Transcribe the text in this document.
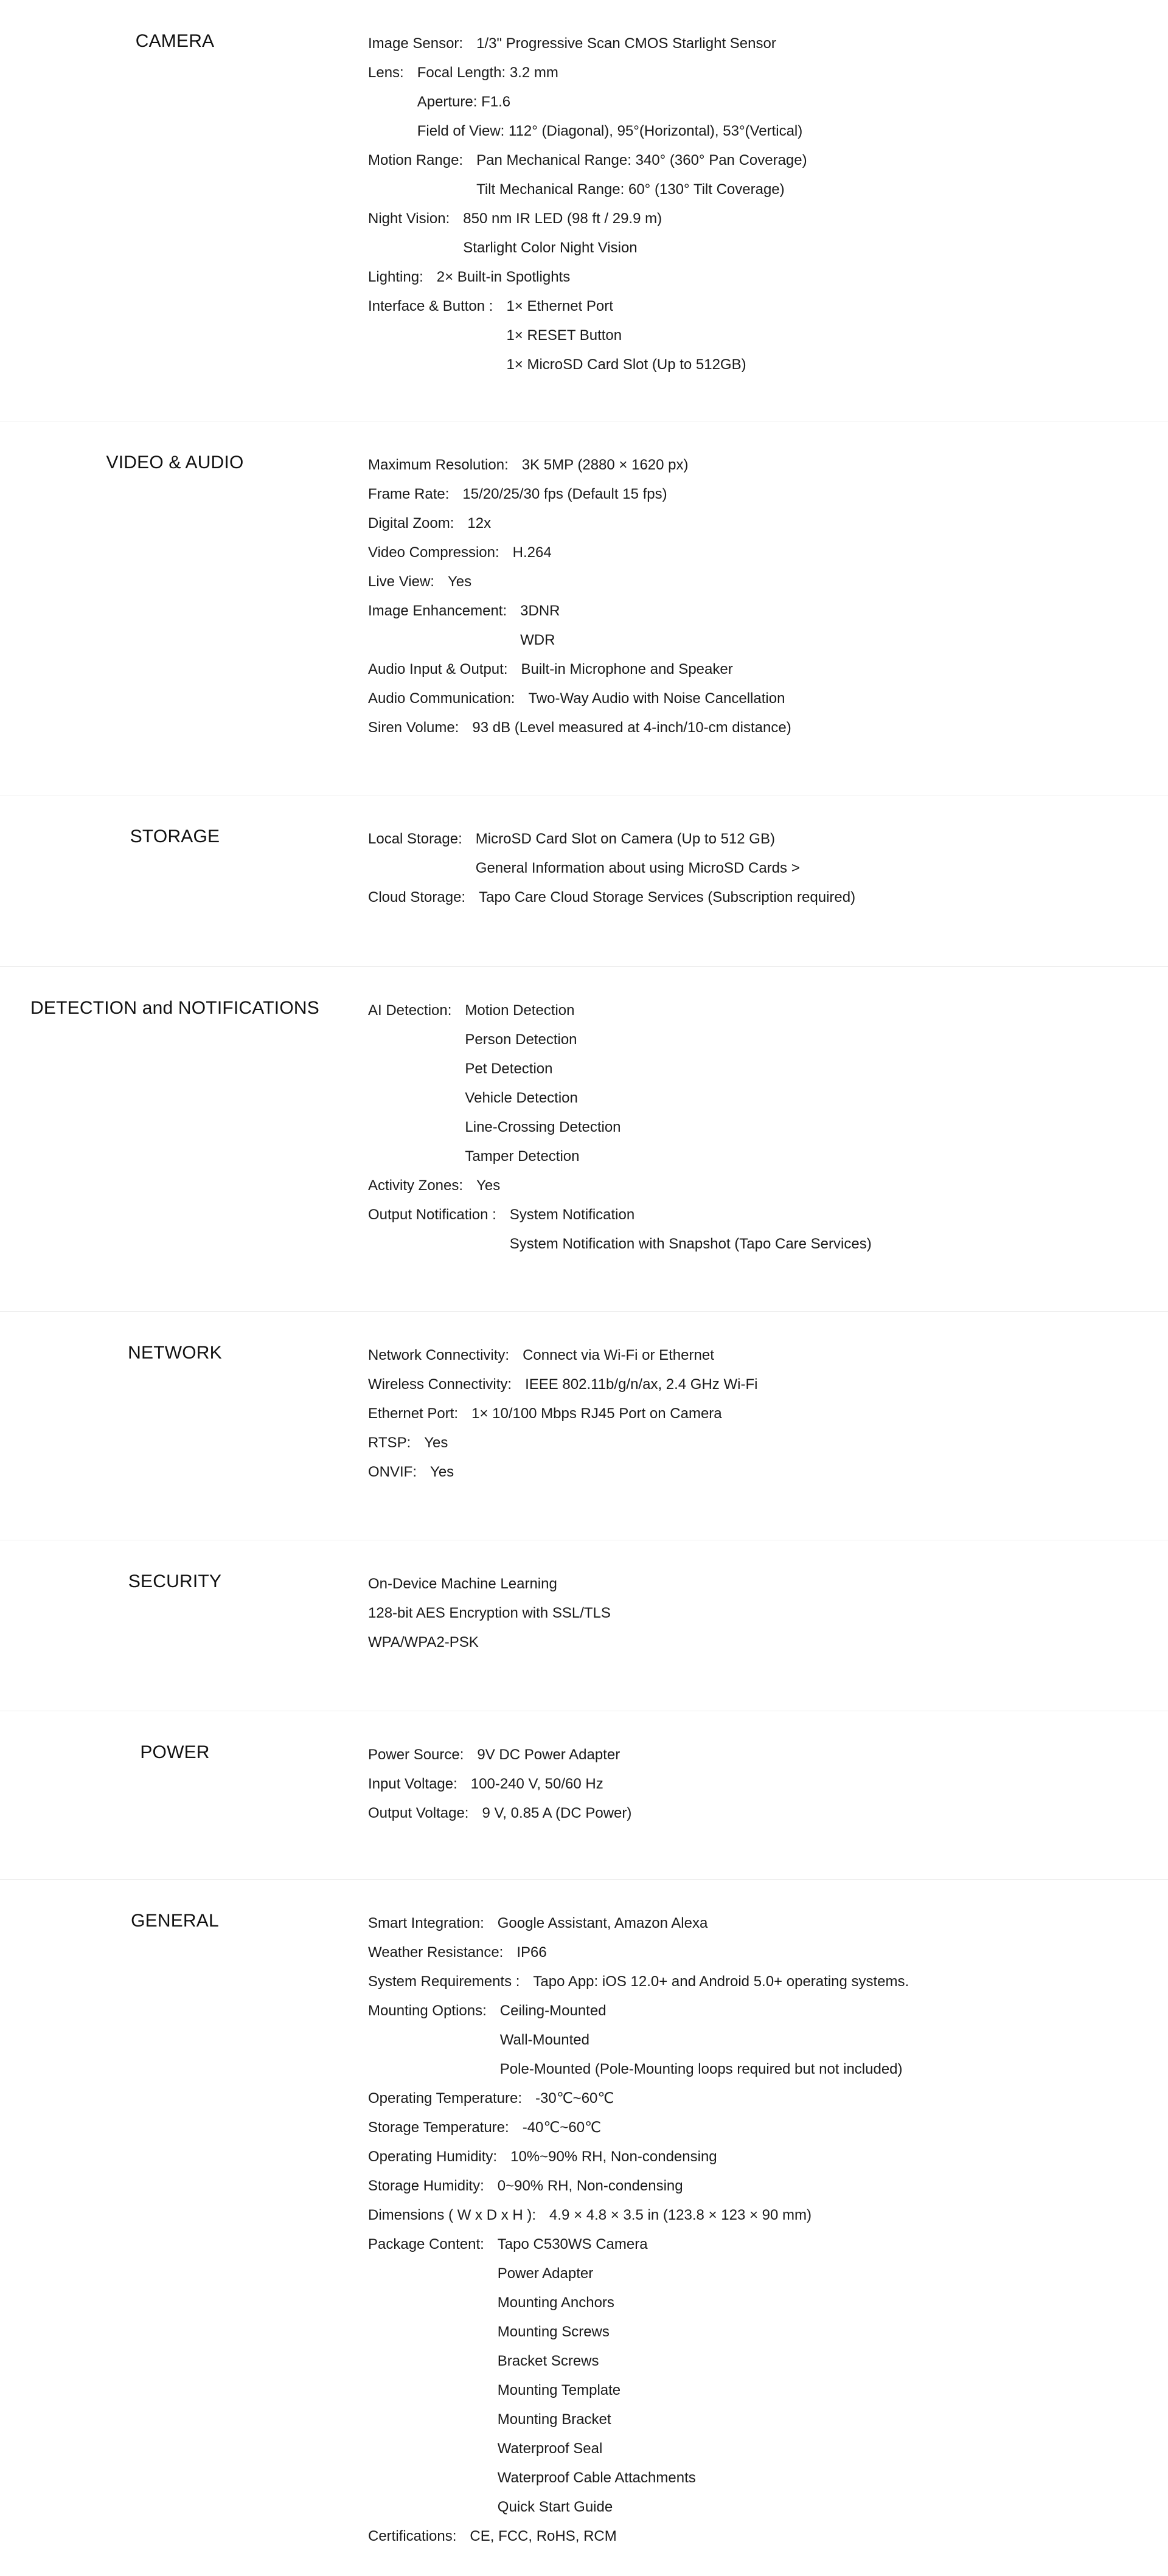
CAMERA	Image Sensor: 1/3" Progressive Scan CMOS Starlight Sensor
Lens: Focal Length: 3.2 mm
Aperture: F1.6
Field of View: 112° (Diagonal), 95°(Horizontal), 53°(Vertical)
Motion Range: Pan Mechanical Range: 340° (360° Pan Coverage)
Tilt Mechanical Range: 60° (130° Tilt Coverage)
Night Vision: 850 nm IR LED (98 ft / 29.9 m)
Starlight Color Night Vision
Lighting: 2× Built-in Spotlights
Interface & Button : 1× Ethernet Port
1× RESET Button
1× MicroSD Card Slot (Up to 512GB)
VIDEO & AUDIO	Maximum Resolution: 3K 5MP (2880 × 1620 px)
Frame Rate: 15/20/25/30 fps (Default 15 fps)
Digital Zoom: 12x
Video Compression: H.264
Live View: Yes
Image Enhancement: 3DNR
WDR
Audio Input & Output: Built-in Microphone and Speaker
Audio Communication: Two-Way Audio with Noise Cancellation
Siren Volume: 93 dB (Level measured at 4-inch/10-cm distance)
STORAGE	Local Storage: MicroSD Card Slot on Camera (Up to 512 GB)
General Information about using MicroSD Cards >
Cloud Storage: Tapo Care Cloud Storage Services (Subscription required)
DETECTION and NOTIFICATIONS	AI Detection: Motion Detection
Person Detection
Pet Detection
Vehicle Detection
Line-Crossing Detection
Tamper Detection
Activity Zones: Yes
Output Notification : System Notification
System Notification with Snapshot (Tapo Care Services)
NETWORK	Network Connectivity: Connect via Wi-Fi or Ethernet
Wireless Connectivity: IEEE 802.11b/g/n/ax, 2.4 GHz Wi-Fi
Ethernet Port: 1× 10/100 Mbps RJ45 Port on Camera
RTSP: Yes
ONVIF: Yes
SECURITY	On-Device Machine Learning
128-bit AES Encryption with SSL/TLS
WPA/WPA2-PSK
POWER	Power Source: 9V DC Power Adapter
Input Voltage: 100-240 V, 50/60 Hz
Output Voltage: 9 V, 0.85 A (DC Power)
GENERAL	Smart Integration: Google Assistant, Amazon Alexa
Weather Resistance: IP66
System Requirements : Tapo App: iOS 12.0+ and Android 5.0+ operating systems.
Mounting Options: Ceiling-Mounted
Wall-Mounted
Pole-Mounted (Pole-Mounting loops required but not included)
Operating Temperature: -30℃~60℃
Storage Temperature: -40℃~60℃
Operating Humidity: 10%~90% RH, Non-condensing
Storage Humidity: 0~90% RH, Non-condensing
Dimensions ( W x D x H ): 4.9 × 4.8 × 3.5 in (123.8 × 123 × 90 mm)
Package Content: Tapo C530WS Camera
Power Adapter
Mounting Anchors
Mounting Screws
Bracket Screws
Mounting Template
Mounting Bracket
Waterproof Seal
Waterproof Cable Attachments
Quick Start Guide
Certifications: CE, FCC, RoHS, RCM
